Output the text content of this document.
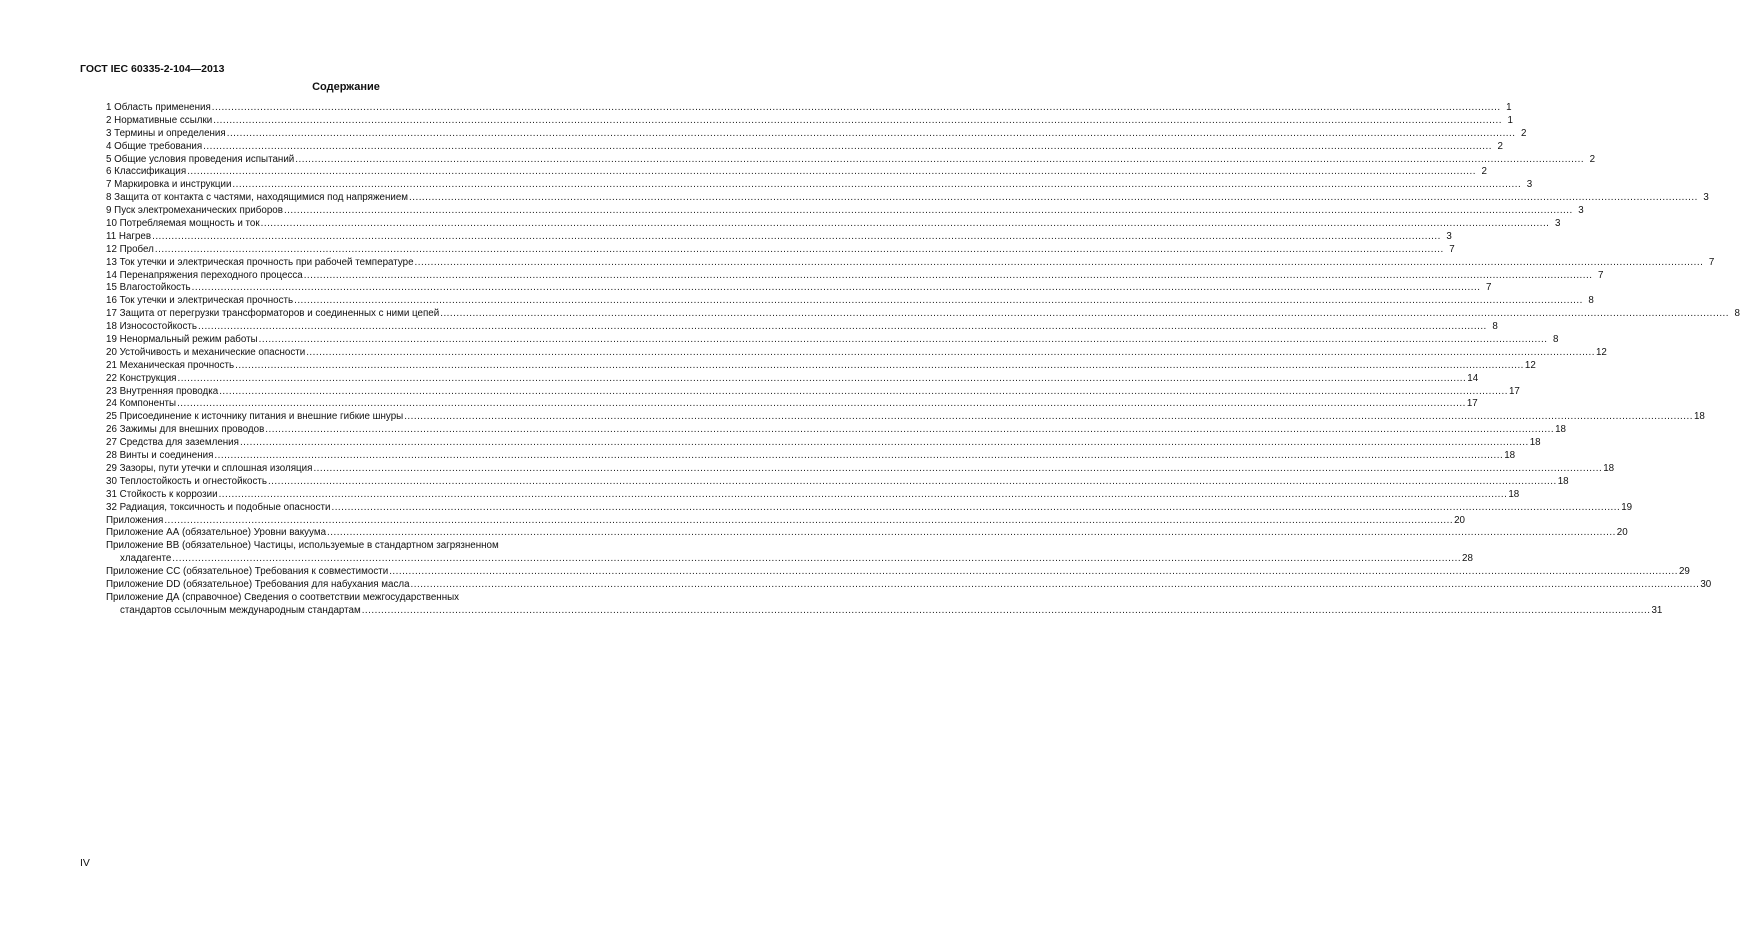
ГОСТ IEC 60335-2-104—2013
Содержание
1 Область применения ................................................................................................................................................................................................................................................................................................................................................................................................................ 1
2 Нормативные ссылки ................................................................................................................................................................................................................................................................................................................................................................................................................ 1
3 Термины и определения ................................................................................................................................................................................................................................................................................................................................................................................................................ 2
4 Общие требования ................................................................................................................................................................................................................................................................................................................................................................................................................ 2
5 Общие условия проведения испытаний ................................................................................................................................................................................................................................................................................................................................................................................................................ 2
6 Классификация ................................................................................................................................................................................................................................................................................................................................................................................................................ 2
7 Маркировка и инструкции ................................................................................................................................................................................................................................................................................................................................................................................................................ 3
8 Защита от контакта с частями, находящимися под напряжением ................................................................................................................................................................................................................................................................................................................................................................................................................ 3
9 Пуск электромеханических приборов ................................................................................................................................................................................................................................................................................................................................................................................................................ 3
10 Потребляемая мощность и ток ................................................................................................................................................................................................................................................................................................................................................................................................................ 3
11 Нагрев ................................................................................................................................................................................................................................................................................................................................................................................................................ 3
12 Пробел ................................................................................................................................................................................................................................................................................................................................................................................................................ 7
13 Ток утечки и электрическая прочность при рабочей температуре ................................................................................................................................................................................................................................................................................................................................................................................................................ 7
14 Перенапряжения переходного процесса ................................................................................................................................................................................................................................................................................................................................................................................................................ 7
15 Влагостойкость ................................................................................................................................................................................................................................................................................................................................................................................................................ 7
16 Ток утечки и электрическая прочность ................................................................................................................................................................................................................................................................................................................................................................................................................ 8
17 Защита от перегрузки трансформаторов и соединенных с ними цепей ................................................................................................................................................................................................................................................................................................................................................................................................................ 8
18 Износостойкость ................................................................................................................................................................................................................................................................................................................................................................................................................ 8
19 Ненормальный режим работы ................................................................................................................................................................................................................................................................................................................................................................................................................ 8
20 Устойчивость и механические опасности ................................................................................................................................................................................................................................................................................................................................................................................................................ 12
21 Механическая прочность ................................................................................................................................................................................................................................................................................................................................................................................................................ 12
22 Конструкция ................................................................................................................................................................................................................................................................................................................................................................................................................ 14
23 Внутренняя проводка ................................................................................................................................................................................................................................................................................................................................................................................................................ 17
24 Компоненты ................................................................................................................................................................................................................................................................................................................................................................................................................ 17
25 Присоединение к источнику питания и внешние гибкие шнуры ................................................................................................................................................................................................................................................................................................................................................................................................................ 18
26 Зажимы для внешних проводов ................................................................................................................................................................................................................................................................................................................................................................................................................ 18
27 Средства для заземления ................................................................................................................................................................................................................................................................................................................................................................................................................ 18
28 Винты и соединения ................................................................................................................................................................................................................................................................................................................................................................................................................ 18
29 Зазоры, пути утечки и сплошная изоляция ................................................................................................................................................................................................................................................................................................................................................................................................................ 18
30 Теплостойкость и огнестойкость ................................................................................................................................................................................................................................................................................................................................................................................................................ 18
31 Стойкость к коррозии ................................................................................................................................................................................................................................................................................................................................................................................................................ 18
32 Радиация, токсичность и подобные опасности ................................................................................................................................................................................................................................................................................................................................................................................................................ 19
Приложения ................................................................................................................................................................................................................................................................................................................................................................................................................ 20
Приложение АА (обязательное) Уровни вакуума ................................................................................................................................................................................................................................................................................................................................................................................................................ 20
Приложение ВВ (обязательное) Частицы, используемые в стандартном загрязненном
хладагенте ................................................................................................................................................................................................................................................................................................................................................................................................................ 28
Приложение СС (обязательное) Требования к совместимости ................................................................................................................................................................................................................................................................................................................................................................................................................ 29
Приложение DD (обязательное) Требования для набухания масла ................................................................................................................................................................................................................................................................................................................................................................................................................ 30
Приложение ДА (справочное) Сведения о соответствии межгосударственных
стандартов ссылочным международным стандартам ................................................................................................................................................................................................................................................................................................................................................................................................................ 31
IV
